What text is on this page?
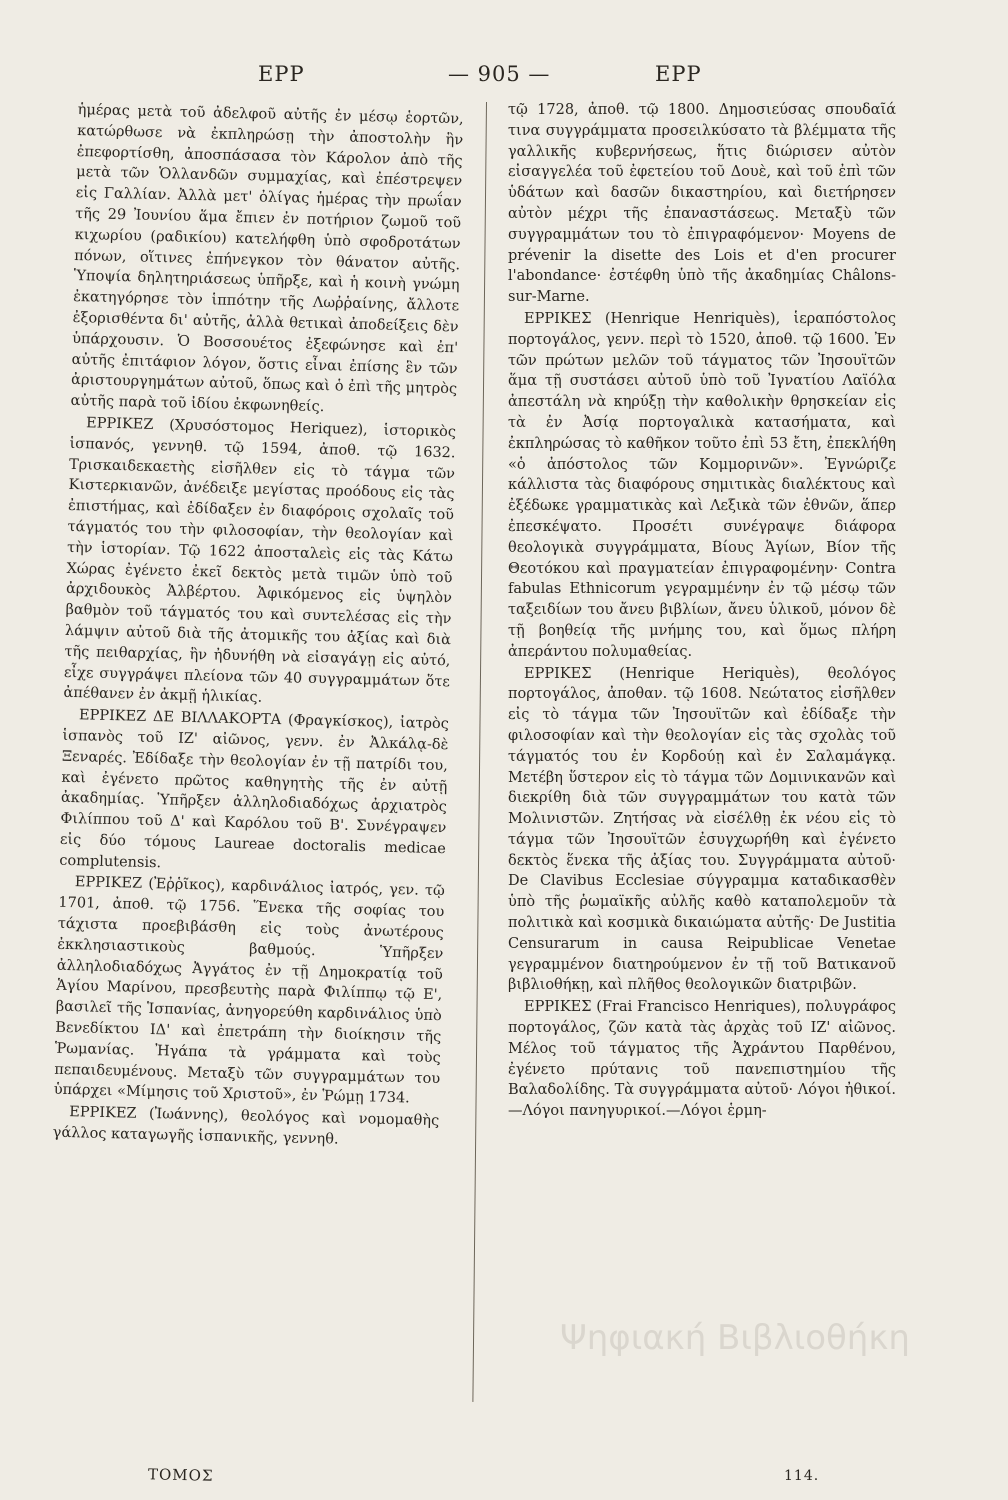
ΕΡΡ	— 905 —	ΕΡΡ

ἡμέρας μετὰ τοῦ ἀδελφοῦ αὐτῆς ἐν μέσῳ ἑορτῶν, κατώρθωσε νὰ ἐκπληρώσῃ τὴν ἀποστολὴν ἣν ἐπεφορτίσθη, ἀποσπάσασα τὸν Κάρολον ἀπὸ τῆς μετὰ τῶν Ὁλλανδῶν συμμαχίας, καὶ ἐπέστρεψεν εἰς Γαλλίαν. Ἀλλὰ μετ' ὀλίγας ἡμέρας τὴν πρωΐαν τῆς 29 Ἰουνίου ἅμα ἔπιεν ἐν ποτήριον ζωμοῦ τοῦ κιχωρίου (ραδικίου) κατελήφθη ὑπὸ σφοδροτάτων πόνων, οἵτινες ἐπήνεγκον τὸν θάνατον αὐτῆς. Ὑποψία δηλητηριάσεως ὑπῆρξε, καὶ ἡ κοινὴ γνώμη ἐκατηγόρησε τὸν ἱππότην τῆς Λωῤῥαίνης, ἄλλοτε ἐξορισθέντα δι' αὐτῆς, ἀλλὰ θετικαὶ ἀποδείξεις δὲν ὑπάρχουσιν. Ὁ Βοσσουέτος ἐξεφώνησε καὶ ἐπ' αὐτῆς ἐπιτάφιον λόγον, ὅστις εἶναι ἐπίσης ἓν τῶν ἀριστουργημάτων αὐτοῦ, ὅπως καὶ ὁ ἐπὶ τῆς μητρὸς αὐτῆς παρὰ τοῦ ἰδίου ἐκφωνηθείς.

ΕΡΡΙΚΕΖ (Χρυσόστομος Heriquez), ἱστορικὸς ἱσπανός, γεννηθ. τῷ 1594, ἀποθ. τῷ 1632. Τρισκαιδεκαετὴς εἰσῆλθεν εἰς τὸ τάγμα τῶν Κιστερκιανῶν, ἀνέδειξε μεγίστας προόδους εἰς τὰς ἐπιστήμας, καὶ ἐδίδαξεν ἐν διαφόροις σχολαῖς τοῦ τάγματός του τὴν φιλοσοφίαν, τὴν θεολογίαν καὶ τὴν ἱστορίαν. Τῷ 1622 ἀποσταλεὶς εἰς τὰς Κάτω Χώρας ἐγένετο ἐκεῖ δεκτὸς μετὰ τιμῶν ὑπὸ τοῦ ἀρχιδουκὸς Ἀλβέρτου. Ἀφικόμενος εἰς ὑψηλὸν βαθμὸν τοῦ τάγματός του καὶ συντελέσας εἰς τὴν λάμψιν αὐτοῦ διὰ τῆς ἀτομικῆς του ἀξίας καὶ διὰ τῆς πειθαρχίας, ἣν ἠδυνήθη νὰ εἰσαγάγῃ εἰς αὐτό, εἶχε συγγράψει πλείονα τῶν 40 συγγραμμάτων ὅτε ἀπέθανεν ἐν ἀκμῇ ἡλικίας.

ΕΡΡΙΚΕΖ ΔΕ ΒΙΛΛΑΚΟΡΤΑ (Φραγκίσκος), ἰατρὸς ἱσπανὸς τοῦ ΙΖ' αἰῶνος, γενν. ἐν Ἀλκάλᾳ-δὲ Ξεναρές. Ἐδίδαξε τὴν θεολογίαν ἐν τῇ πατρίδι του, καὶ ἐγένετο πρῶτος καθηγητὴς τῆς ἐν αὐτῇ ἀκαδημίας. Ὑπῆρξεν ἀλληλοδιαδόχως ἀρχιατρὸς Φιλίππου τοῦ Δ' καὶ Καρόλου τοῦ Β'. Συνέγραψεν εἰς δύο τόμους Laureae doctoralis medicae complutensis.

ΕΡΡΙΚΕΖ (Ἐῤῥῖκος), καρδινάλιος ἰατρός, γεν. τῷ 1701, ἀποθ. τῷ 1756. Ἕνεκα τῆς σοφίας του τάχιστα προεβιβάσθη εἰς τοὺς ἀνωτέρους ἐκκλησιαστικοὺς βαθμούς. Ὑπῆρξεν ἀλληλοδιαδόχως Ἀγγάτος ἐν τῇ Δημοκρατίᾳ τοῦ Ἁγίου Μαρίνου, πρεσβευτὴς παρὰ Φιλίππῳ τῷ Ε', βασιλεῖ τῆς Ἱσπανίας, ἀνηγορεύθη καρδινάλιος ὑπὸ Βενεδίκτου ΙΔ' καὶ ἐπετράπη τὴν διοίκησιν τῆς Ῥωμανίας. Ἠγάπα τὰ γράμματα καὶ τοὺς πεπαιδευμένους. Μεταξὺ τῶν συγγραμμάτων του ὑπάρχει «Μίμησις τοῦ Χριστοῦ», ἐν Ῥώμῃ 1734.

ΕΡΡΙΚΕΖ (Ἰωάννης), θεολόγος καὶ νομομαθὴς γάλλος καταγωγῆς ἱσπανικῆς, γεννηθ.

τῷ 1728, ἀποθ. τῷ 1800. Δημοσιεύσας σπουδαῖά τινα συγγράμματα προσειλκύσατο τὰ βλέμματα τῆς γαλλικῆς κυβερνήσεως, ἥτις διώρισεν αὐτὸν εἰσαγγελέα τοῦ ἐφετείου τοῦ Δουὲ, καὶ τοῦ ἐπὶ τῶν ὑδάτων καὶ δασῶν δικαστηρίου, καὶ διετήρησεν αὐτὸν μέχρι τῆς ἐπαναστάσεως. Μεταξὺ τῶν συγγραμμάτων του τὸ ἐπιγραφόμενον· Moyens de prévenir la disette des Lois et d'en procurer l'abondance· ἐστέφθη ὑπὸ τῆς ἀκαδημίας Châlons-sur-Marne.

ΕΡΡΙΚΕΣ (Henrique Henriquès), ἱεραπόστολος πορτογάλος, γενν. περὶ τὸ 1520, ἀποθ. τῷ 1600. Ἐν τῶν πρώτων μελῶν τοῦ τάγματος τῶν Ἰησουϊτῶν ἅμα τῇ συστάσει αὐτοῦ ὑπὸ τοῦ Ἰγνατίου Λαϊόλα ἀπεστάλη νὰ κηρύξῃ τὴν καθολικὴν θρησκείαν εἰς τὰ ἐν Ἀσίᾳ πορτογαλικὰ κατασήματα, καὶ ἐκπληρώσας τὸ καθῆκον τοῦτο ἐπὶ 53 ἔτη, ἐπεκλήθη «ὁ ἀπόστολος τῶν Κομμορινῶν». Ἐγνώριζε κάλλιστα τὰς διαφόρους σημιτικὰς διαλέκτους καὶ ἐξέδωκε γραμματικὰς καὶ Λεξικὰ τῶν ἐθνῶν, ἅπερ ἐπεσκέψατο. Προσέτι συνέγραψε διάφορα θεολογικὰ συγγράμματα, Βίους Ἁγίων, Βίον τῆς Θεοτόκου καὶ πραγματείαν ἐπιγραφομένην· Contra fabulas Ethnicorum γεγραμμένην ἐν τῷ μέσῳ τῶν ταξειδίων του ἄνευ βιβλίων, ἄνευ ὑλικοῦ, μόνον δὲ τῇ βοηθείᾳ τῆς μνήμης του, καὶ ὅμως πλήρη ἀπεράντου πολυμαθείας.

ΕΡΡΙΚΕΣ (Henrique Heriquès), θεολόγος πορτογάλος, ἀποθαν. τῷ 1608. Νεώτατος εἰσῆλθεν εἰς τὸ τάγμα τῶν Ἰησουϊτῶν καὶ ἐδίδαξε τὴν φιλοσοφίαν καὶ τὴν θεολογίαν εἰς τὰς σχολὰς τοῦ τάγματός του ἐν Κορδούῃ καὶ ἐν Σαλαμάγκᾳ. Μετέβη ὕστερον εἰς τὸ τάγμα τῶν Δομινικανῶν καὶ διεκρίθη διὰ τῶν συγγραμμάτων του κατὰ τῶν Μολινιστῶν. Ζητήσας νὰ εἰσέλθῃ ἐκ νέου εἰς τὸ τάγμα τῶν Ἰησουϊτῶν ἐσυγχωρήθη καὶ ἐγένετο δεκτὸς ἕνεκα τῆς ἀξίας του. Συγγράμματα αὐτοῦ· De Clavibus Ecclesiae σύγγραμμα καταδικασθὲν ὑπὸ τῆς ῥωμαϊκῆς αὐλῆς καθὸ καταπολεμοῦν τὰ πολιτικὰ καὶ κοσμικὰ δικαιώματα αὐτῆς· De Justitia Censurarum in causa Reipublicae Venetae γεγραμμένον διατηρούμενον ἐν τῇ τοῦ Βατικανοῦ βιβλιοθήκῃ, καὶ πλῆθος θεολογικῶν διατριβῶν.

ΕΡΡΙΚΕΣ (Frai Francisco Henriques), πολυγράφος πορτογάλος, ζῶν κατὰ τὰς ἀρχὰς τοῦ ΙΖ' αἰῶνος. Μέλος τοῦ τάγματος τῆς Ἀχράντου Παρθένου, ἐγένετο πρύτανις τοῦ πανεπιστημίου τῆς Βαλαδολίδης. Τὰ συγγράμματα αὐτοῦ· Λόγοι ἠθικοί.—Λόγοι πανηγυρικοί.—Λόγοι ἑρμη-

Ψηφιακή Βιβλιοθήκη
ΤΟΜΟΣ	114.
